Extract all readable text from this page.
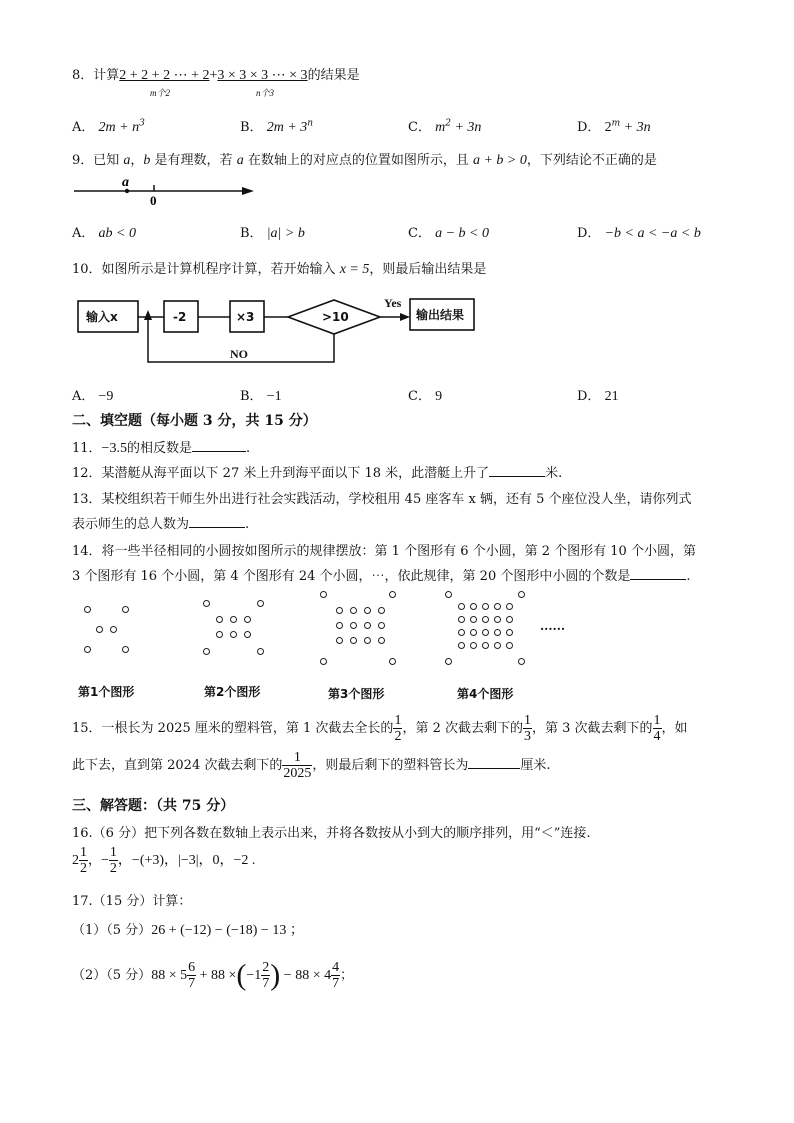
8．计算2 + 2 + 2 ⋯ + 2+3 × 3 × 3 ⋯ × 3的结果是
m个2	n个3
A． $2m + n^3$	B． $2m + 3^n$	C． $m^2 + 3n$	D． $2^m + 3n$
9．已知 a，b 是有理数，若 a 在数轴上的对应点的位置如图所示，且 a + b > 0，下列结论不正确的是
a
0
A． ab < 0	B． |a| > b	C． a − b < 0	D． −b < a < −a < b
10．如图所示是计算机程序计算，若开始输入 x = 5，则最后输出结果是
输入x	-2	×3	>10
Yes
输出结果
NO
A． −9	B． −1	C． 9	D． 21
二、填空题（每小题 3 分，共 15 分）
11．−3.5的相反数是	.
12．某潜艇从海平面以下 27 米上升到海平面以下 18 米，此潜艇上升了	米.
13．某校组织若干师生外出进行社会实践活动，学校租用 45 座客车 x 辆，还有 5 个座位没人坐，请你列式
表示师生的总人数为	.
14．将一些半径相同的小圆按如图所示的规律摆放：第 1 个图形有 6 个小圆，第 2 个图形有 10 个小圆，第
3 个图形有 16 个小圆，第 4 个图形有 24 个小圆，⋯，依此规律，第 20 个图形中小圆的个数是	.
......
第1个图形	第2个图形	第3个图形	第4个图形
15．一根长为 2025 厘米的塑料管，第 1 次截去全长的 $\frac{1}{2}$ ，第 2 次截去剩下的 $\frac{1}{3}$ ，第 3 次截去剩下的 $\frac{1}{4}$ ，如
此下去，直到第 2024 次截去剩下的 $\frac{1}{2025}$ ，则最后剩下的塑料管长为	厘米.
三、解答题：（共 75 分）
16.（6 分）把下列各数在数轴上表示出来，并将各数按从小到大的顺序排列，用“＜”连接.
$2 \frac{1}{2}$ ，− $\frac{1}{2}$ ，−(+3)，|−3|，0，−2 .
17.（15 分）计算：
（1）（5 分）26 + (−12) − (−18) − 13 ；
（2）（5 分）$88 \times 5 \frac{6}{7} + 88 \times(-1 \frac{2}{7}$ ) − $88 \times 4 \frac{4}{7}$ ；
